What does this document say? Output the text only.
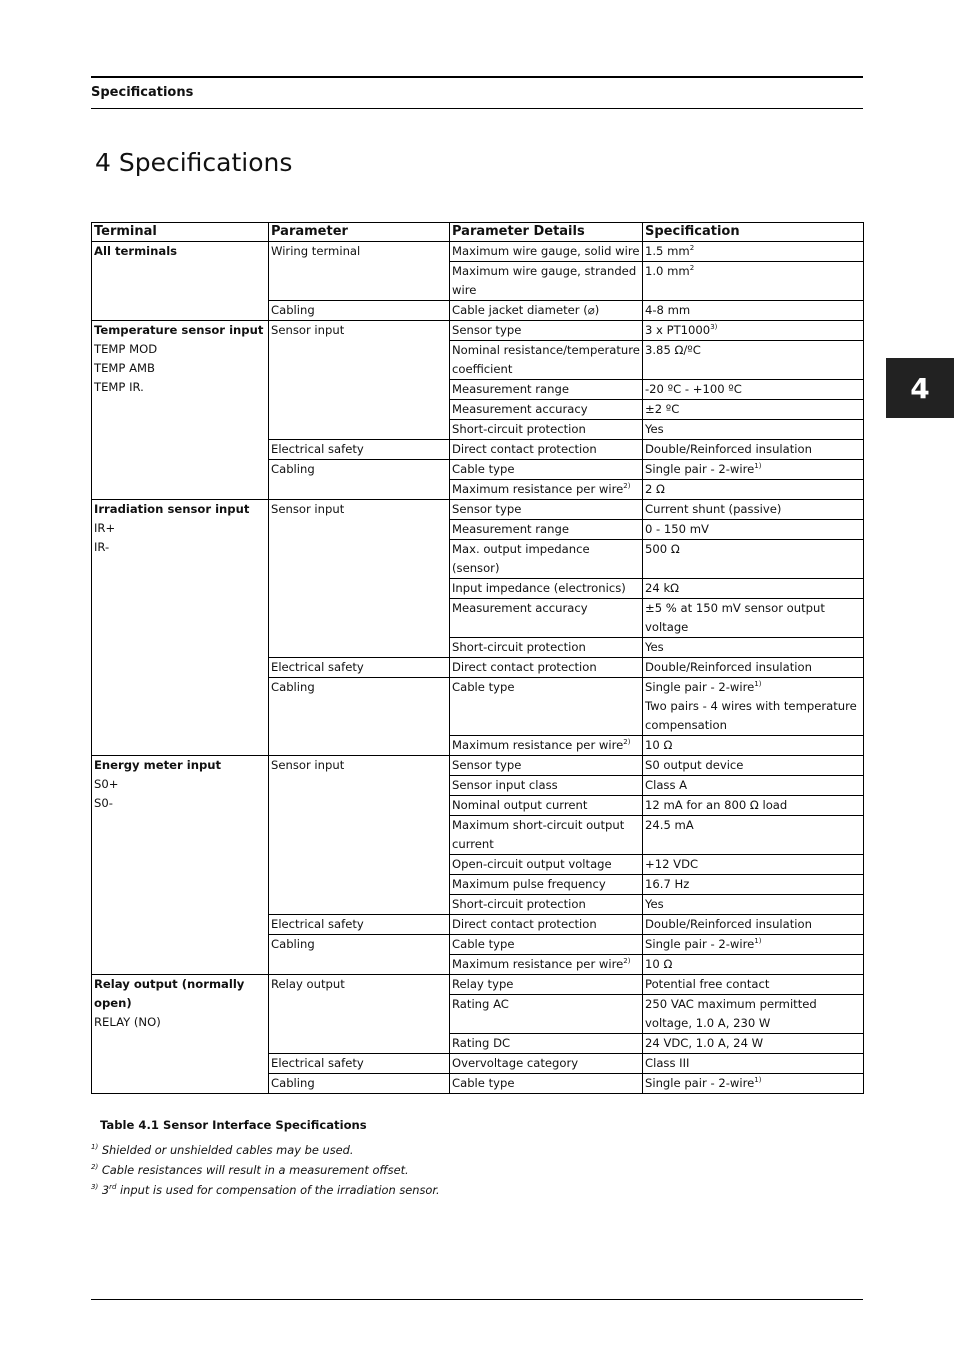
Specifications
4 Specifications
4
Terminal	Parameter	Parameter Details	Specification

All terminals	Wiring terminal	Maximum wire gauge, solid wire	1.5 $mm^2$

		Maximum wire gauge, stranded wire	1.0 $mm^2$

	Cabling	Cable jacket diameter (⌀)	4-8 mm

Temperature sensor input
TEMP MOD
TEMP AMB
TEMP IR.	Sensor input	Sensor type	3 x PT1000$^{3)}$

		Nominal resistance/temperature coefficient	3.85 Ω/ºC

		Measurement range	-20 ºC - +100 ºC

		Measurement accuracy	±2 ºC

		Short-circuit protection	Yes

	Electrical safety	Direct contact protection	Double/Reinforced insulation

	Cabling	Cable type	Single pair - 2-wire$^{1)}$

		Maximum resistance per wire$^{2)}$	2 Ω

Irradiation sensor input
IR+
IR-	Sensor input	Sensor type	Current shunt (passive)

		Measurement range	0 - 150 mV

		Max. output impedance (sensor)	500 Ω

		Input impedance (electronics)	24 kΩ

		Measurement accuracy	±5 % at 150 mV sensor output voltage

		Short-circuit protection	Yes

	Electrical safety	Direct contact protection	Double/Reinforced insulation

	Cabling	Cable type	Single pair - 2-wire$^{1)}$
Two pairs - 4 wires with temperature compensation

		Maximum resistance per wire$^{2)}$	10 Ω

Energy meter input
S0+
S0-	Sensor input	Sensor type	S0 output device

		Sensor input class	Class A

		Nominal output current	12 mA for an 800 Ω load

		Maximum short-circuit output current	24.5 mA

		Open-circuit output voltage	+12 VDC

		Maximum pulse frequency	16.7 Hz

		Short-circuit protection	Yes

	Electrical safety	Direct contact protection	Double/Reinforced insulation

	Cabling	Cable type	Single pair - 2-wire$^{1)}$

		Maximum resistance per wire$^{2)}$	10 Ω

Relay output (normally open)
RELAY (NO)	Relay output	Relay type	Potential free contact

		Rating AC	250 VAC maximum permitted voltage, 1.0 A, 230 W

		Rating DC	24 VDC, 1.0 A, 24 W

	Electrical safety	Overvoltage category	Class III

	Cabling	Cable type	Single pair - 2-wire$^{1)}$
Table 4.1 Sensor Interface Specifications
$^{1)}$ Shielded or unshielded cables may be used.
$^{2)}$ Cable resistances will result in a measurement offset.
$^{3)}$ 3rd input is used for compensation of the irradiation sensor.
